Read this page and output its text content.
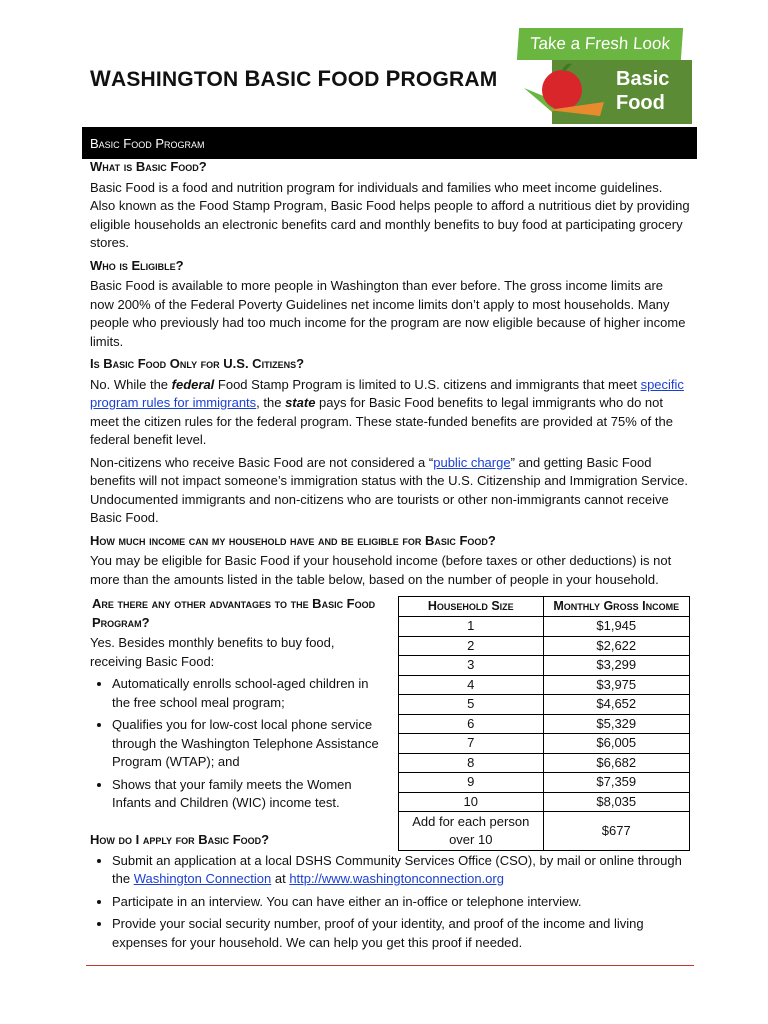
WASHINGTON BASIC FOOD PROGRAM
Take a Fresh Look
Basic
Food
Basic Food Program
What is Basic Food?

Basic Food is a food and nutrition program for individuals and families who meet income guidelines. Also known as the Food Stamp Program, Basic Food helps people to afford a nutritious diet by providing eligible households an electronic benefits card and monthly benefits to buy food at participating grocery stores.

Who is Eligible?

Basic Food is available to more people in Washington than ever before. The gross income limits are now 200% of the Federal Poverty Guidelines net income limits don’t apply to most households. Many people who previously had too much income for the program are now eligible because of higher income limits.

Is Basic Food Only for U.S. Citizens?

No. While the federal Food Stamp Program is limited to U.S. citizens and immigrants that meet specific program rules for immigrants, the state pays for Basic Food benefits to legal immigrants who do not meet the citizen rules for the federal program. These state-funded benefits are provided at 75% of the federal benefit level.

Non-citizens who receive Basic Food are not considered a “public charge” and getting Basic Food benefits will not impact someone’s immigration status with the U.S. Citizenship and Immigration Service. Undocumented immigrants and non-citizens who are tourists or other non-immigrants cannot receive Basic Food.

How much income can my household have and be eligible for Basic Food?

You may be eligible for Basic Food if your household income (before taxes or other deductions) is not more than the amounts listed in the table below, based on the number of people in your household.

Are there any other advantages to the Basic Food Program?

Yes. Besides monthly benefits to buy food, receiving Basic Food:

• Automatically enrolls school-aged children in the free school meal program;
• Qualifies you for low-cost local phone service through the Washington Telephone Assistance Program (WTAP); and
• Shows that your family meets the Women Infants and Children (WIC) income test.
Household Size	Monthly Gross Income
1	$1,945
2	$2,622
3	$3,299
4	$3,975
5	$4,652
6	$5,329
7	$6,005
8	$6,682
9	$7,359
10	$8,035
Add for each person over 10	$677
How do I apply for Basic Food?
• Submit an application at a local DSHS Community Services Office (CSO), by mail or online through the Washington Connection at http://www.washingtonconnection.org
• Participate in an interview. You can have either an in-office or telephone interview.
• Provide your social security number, proof of your identity, and proof of the income and living expenses for your household. We can help you get this proof if needed.
